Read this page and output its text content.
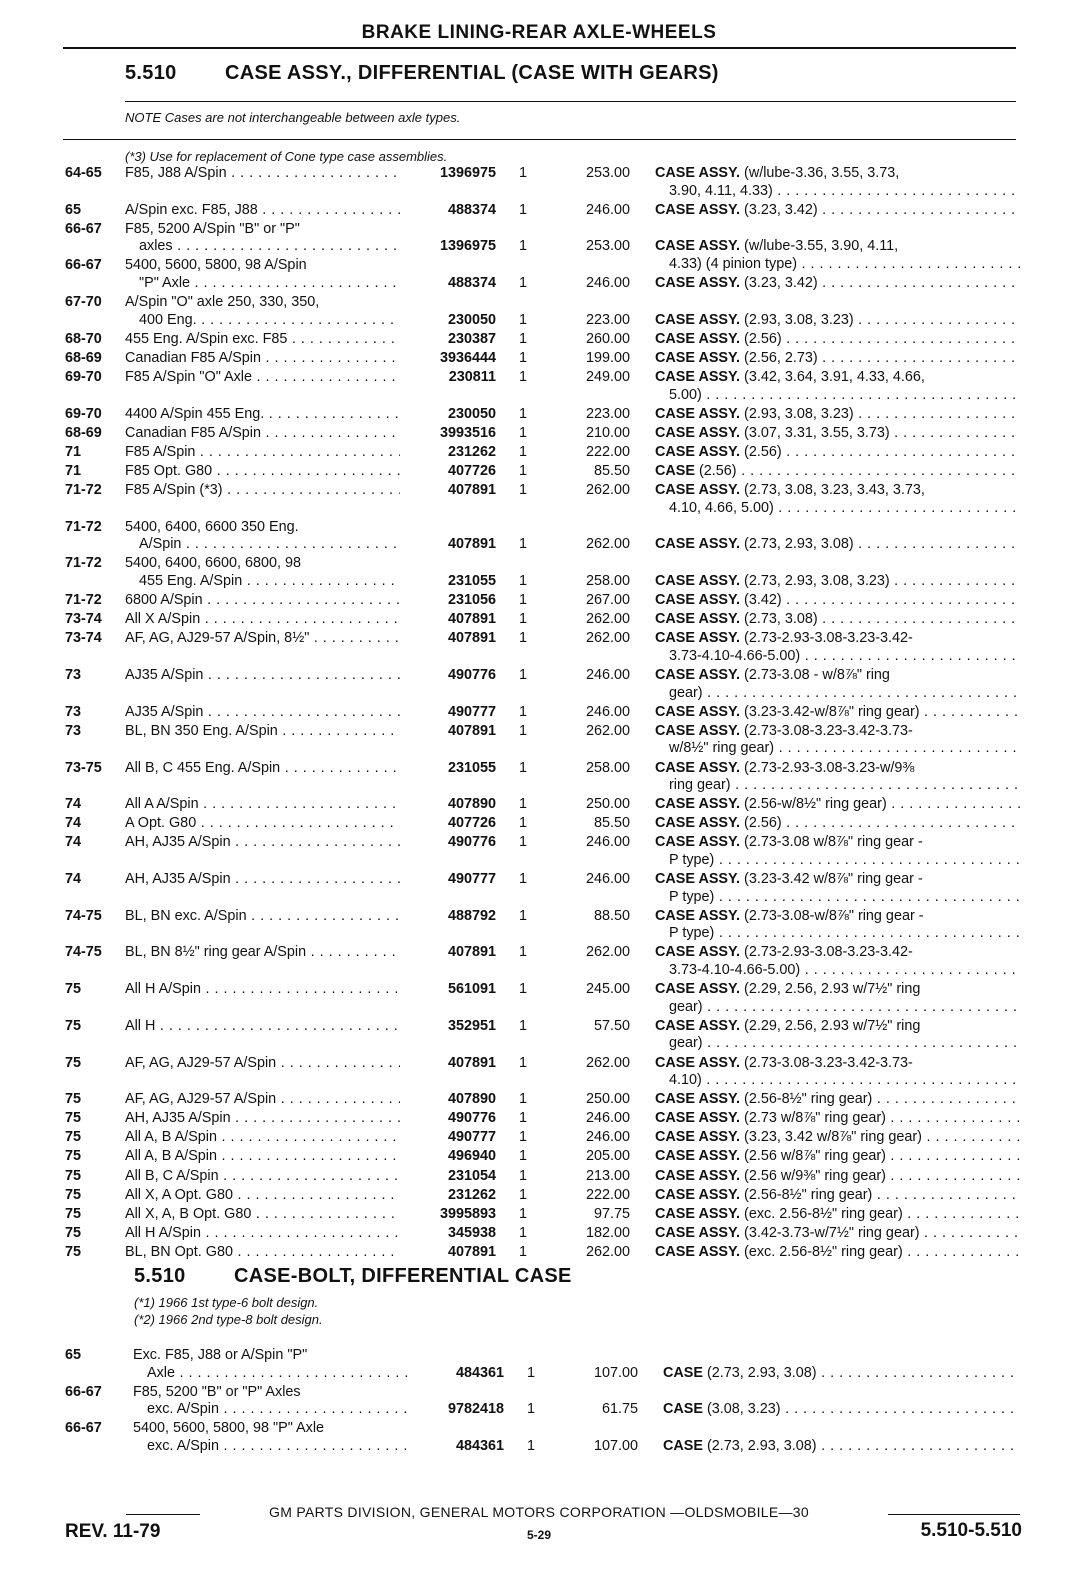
BRAKE LINING-REAR AXLE-WHEELS
5.510 CASE ASSY., DIFFERENTIAL (CASE WITH GEARS)
NOTE Cases are not interchangeable between axle types.
(*3) Use for replacement of Cone type case assemblies.
64-65 F85, J88 A/Spin . . .	1396975 1	253.00 CASE ASSY. (w/lube-3.36, 3.55, 3.73,
3.90, 4.11, 4.33) . . .
65	A/Spin exc. F85, J88 . . .	488374 1	246.00 CASE ASSY. (3.23, 3.42) . . .
66-67 F85, 5200 A/Spin "B" or "P"
axles . . .	1396975 1	253.00 CASE ASSY. (w/lube-3.55, 3.90, 4.11,
4.33) (4 pinion type) . . .
66-67 5400, 5600, 5800, 98 A/Spin
"P" Axle . . .	488374 1	246.00 CASE ASSY. (3.23, 3.42) . . .
67-70 A/Spin "O" axle 250, 330, 350,
400 Eng. . . .	230050 1	223.00 CASE ASSY. (2.93, 3.08, 3.23) . . .
68-70 455 Eng. A/Spin exc. F85 . . .	230387 1	260.00 CASE ASSY. (2.56) . . .
68-69 Canadian F85 A/Spin . . .	3936444 1	199.00 CASE ASSY. (2.56, 2.73) . . .
69-70 F85 A/Spin "O" Axle . . .	230811 1	249.00 CASE ASSY. (3.42, 3.64, 3.91, 4.33, 4.66,
5.00) . . .
69-70 4400 A/Spin 455 Eng. . . .	230050 1	223.00 CASE ASSY. (2.93, 3.08, 3.23) . . .
68-69 Canadian F85 A/Spin . . .	3993516 1	210.00 CASE ASSY. (3.07, 3.31, 3.55, 3.73) . . .
71	F85 A/Spin . . .	231262 1	222.00 CASE ASSY. (2.56) . . .
71	F85 Opt. G80 . . .	407726 1	85.50 CASE (2.56) . . .
71-72 F85 A/Spin (*3) . . .	407891 1	262.00 CASE ASSY. (2.73, 3.08, 3.23, 3.43, 3.73,
4.10, 4.66, 5.00) . . .
71-72 5400, 6400, 6600 350 Eng.
A/Spin . . .	407891 1	262.00 CASE ASSY. (2.73, 2.93, 3.08) . . .
71-72 5400, 6400, 6600, 6800, 98
455 Eng. A/Spin . . .	231055 1	258.00 CASE ASSY. (2.73, 2.93, 3.08, 3.23) . . .
71-72 6800 A/Spin . . .	231056 1	267.00 CASE ASSY. (3.42) . . .
73-74 All X A/Spin . . .	407891 1	262.00 CASE ASSY. (2.73, 3.08) . . .
73-74 AF, AG, AJ29-57 A/Spin, 8½" . . .	407891 1	262.00 CASE ASSY. (2.73-2.93-3.08-3.23-3.42-
3.73-4.10-4.66-5.00) . . .
73	AJ35 A/Spin . . .	490776 1	246.00 CASE ASSY. (2.73-3.08 - w/8⅞" ring
gear) . . .
73	AJ35 A/Spin . . .	490777 1	246.00 CASE ASSY. (3.23-3.42-w/8⅞" ring gear) . . .
73	BL, BN 350 Eng. A/Spin . . .	407891 1	262.00 CASE ASSY. (2.73-3.08-3.23-3.42-3.73-
w/8½" ring gear) . . .
73-75 All B, C 455 Eng. A/Spin . . .	231055 1	258.00 CASE ASSY. (2.73-2.93-3.08-3.23-w/9⅜
ring gear) . . .
74	All A A/Spin . . .	407890 1	250.00 CASE ASSY. (2.56-w/8½" ring gear) . . .
74	A Opt. G80 . . .	407726 1	85.50 CASE ASSY. (2.56) . . .
74	AH, AJ35 A/Spin . . .	490776 1	246.00 CASE ASSY. (2.73-3.08 w/8⅞" ring gear -
P type) . . .
74	AH, AJ35 A/Spin . . .	490777 1	246.00 CASE ASSY. (3.23-3.42 w/8⅞" ring gear -
P type) . . .
74-75 BL, BN exc. A/Spin . . .	488792 1	88.50 CASE ASSY. (2.73-3.08-w/8⅞" ring gear -
P type) . . .
74-75 BL, BN 8½" ring gear A/Spin . . .	407891 1	262.00 CASE ASSY. (2.73-2.93-3.08-3.23-3.42-
3.73-4.10-4.66-5.00) . . .
75	All H A/Spin . . .	561091 1	245.00 CASE ASSY. (2.29, 2.56, 2.93 w/7½" ring
gear) . . .
75	All H . . .	352951 1	57.50 CASE ASSY. (2.29, 2.56, 2.93 w/7½" ring
gear) . . .
75	AF, AG, AJ29-57 A/Spin . . .	407891 1	262.00 CASE ASSY. (2.73-3.08-3.23-3.42-3.73-
4.10) . . .
75	AF, AG, AJ29-57 A/Spin . . .	407890 1	250.00 CASE ASSY. (2.56-8½" ring gear) . . .
75	AH, AJ35 A/Spin . . .	490776 1	246.00 CASE ASSY. (2.73 w/8⅞" ring gear) . . .
75	All A, B A/Spin . . .	490777 1	246.00 CASE ASSY. (3.23, 3.42 w/8⅞" ring gear) . . .
75	All A, B A/Spin . . .	496940 1	205.00 CASE ASSY. (2.56 w/8⅞" ring gear) . . .
75	All B, C A/Spin . . .	231054 1	213.00 CASE ASSY. (2.56 w/9⅜" ring gear) . . .
75	All X, A Opt. G80 . . .	231262 1	222.00 CASE ASSY. (2.56-8½" ring gear) . . .
75	All X, A, B Opt. G80 . . .	3995893 1	97.75 CASE ASSY. (exc. 2.56-8½" ring gear) . . .
75	All H A/Spin . . .	345938 1	182.00 CASE ASSY. (3.42-3.73-w/7½" ring gear) . . .
75	BL, BN Opt. G80 . . .	407891 1	262.00 CASE ASSY. (exc. 2.56-8½" ring gear) . . .
5.510 CASE-BOLT, DIFFERENTIAL CASE
(*1) 1966 1st type-6 bolt design.
(*2) 1966 2nd type-8 bolt design.
65	Exc. F85, J88 or A/Spin "P"
Axle . . .	484361 1	107.00 CASE (2.73, 2.93, 3.08) . . .
66-67 F85, 5200 "B" or "P" Axles
exc. A/Spin . . .	9782418 1	61.75 CASE (3.08, 3.23) . . .
66-67 5400, 5600, 5800, 98 "P" Axle
exc. A/Spin . . .	484361 1	107.00 CASE (2.73, 2.93, 3.08) . . .
GM PARTS DIVISION, GENERAL MOTORS CORPORATION —OLDSMOBILE—30
REV. 11-79	5-29	5.510-5.510
